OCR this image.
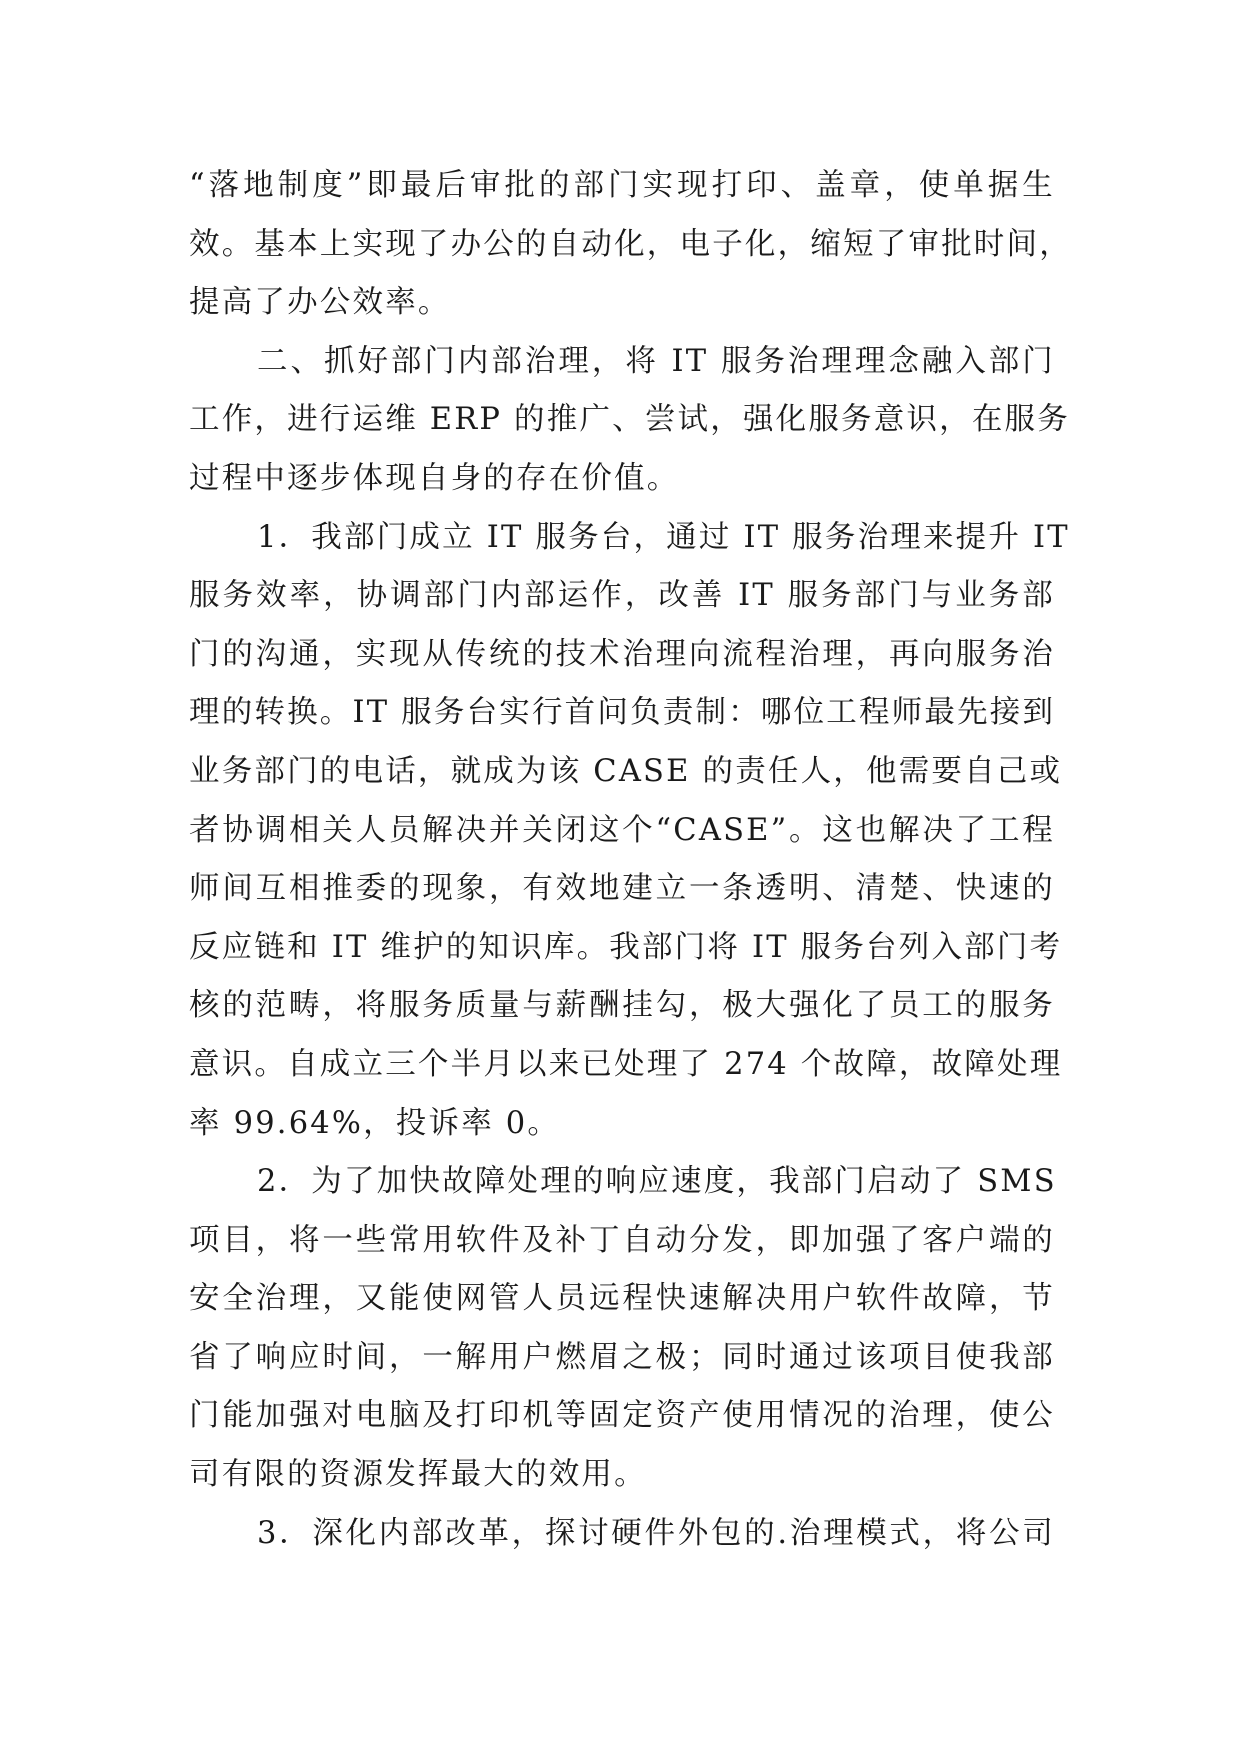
“落地制度”即最后审批的部门实现打印、盖章，使单据生
效。基本上实现了办公的自动化，电子化，缩短了审批时间，
提高了办公效率。
二、抓好部门内部治理，将 IT 服务治理理念融入部门
工作，进行运维 ERP 的推广、尝试，强化服务意识，在服务
过程中逐步体现自身的存在价值。
1．我部门成立 IT 服务台，通过 IT 服务治理来提升 IT
服务效率，协调部门内部运作，改善 IT 服务部门与业务部
门的沟通，实现从传统的技术治理向流程治理，再向服务治
理的转换。IT 服务台实行首问负责制：哪位工程师最先接到
业务部门的电话，就成为该 CASE 的责任人，他需要自己或
者协调相关人员解决并关闭这个“CASE”。这也解决了工程
师间互相推委的现象，有效地建立一条透明、清楚、快速的
反应链和 IT 维护的知识库。我部门将 IT 服务台列入部门考
核的范畴，将服务质量与薪酬挂勾，极大强化了员工的服务
意识。自成立三个半月以来已处理了 274 个故障，故障处理
率 99.64%，投诉率 0。
2．为了加快故障处理的响应速度，我部门启动了 SMS
项目，将一些常用软件及补丁自动分发，即加强了客户端的
安全治理，又能使网管人员远程快速解决用户软件故障，节
省了响应时间，一解用户燃眉之极；同时通过该项目使我部
门能加强对电脑及打印机等固定资产使用情况的治理，使公
司有限的资源发挥最大的效用。
3．深化内部改革，探讨硬件外包的.治理模式，将公司
